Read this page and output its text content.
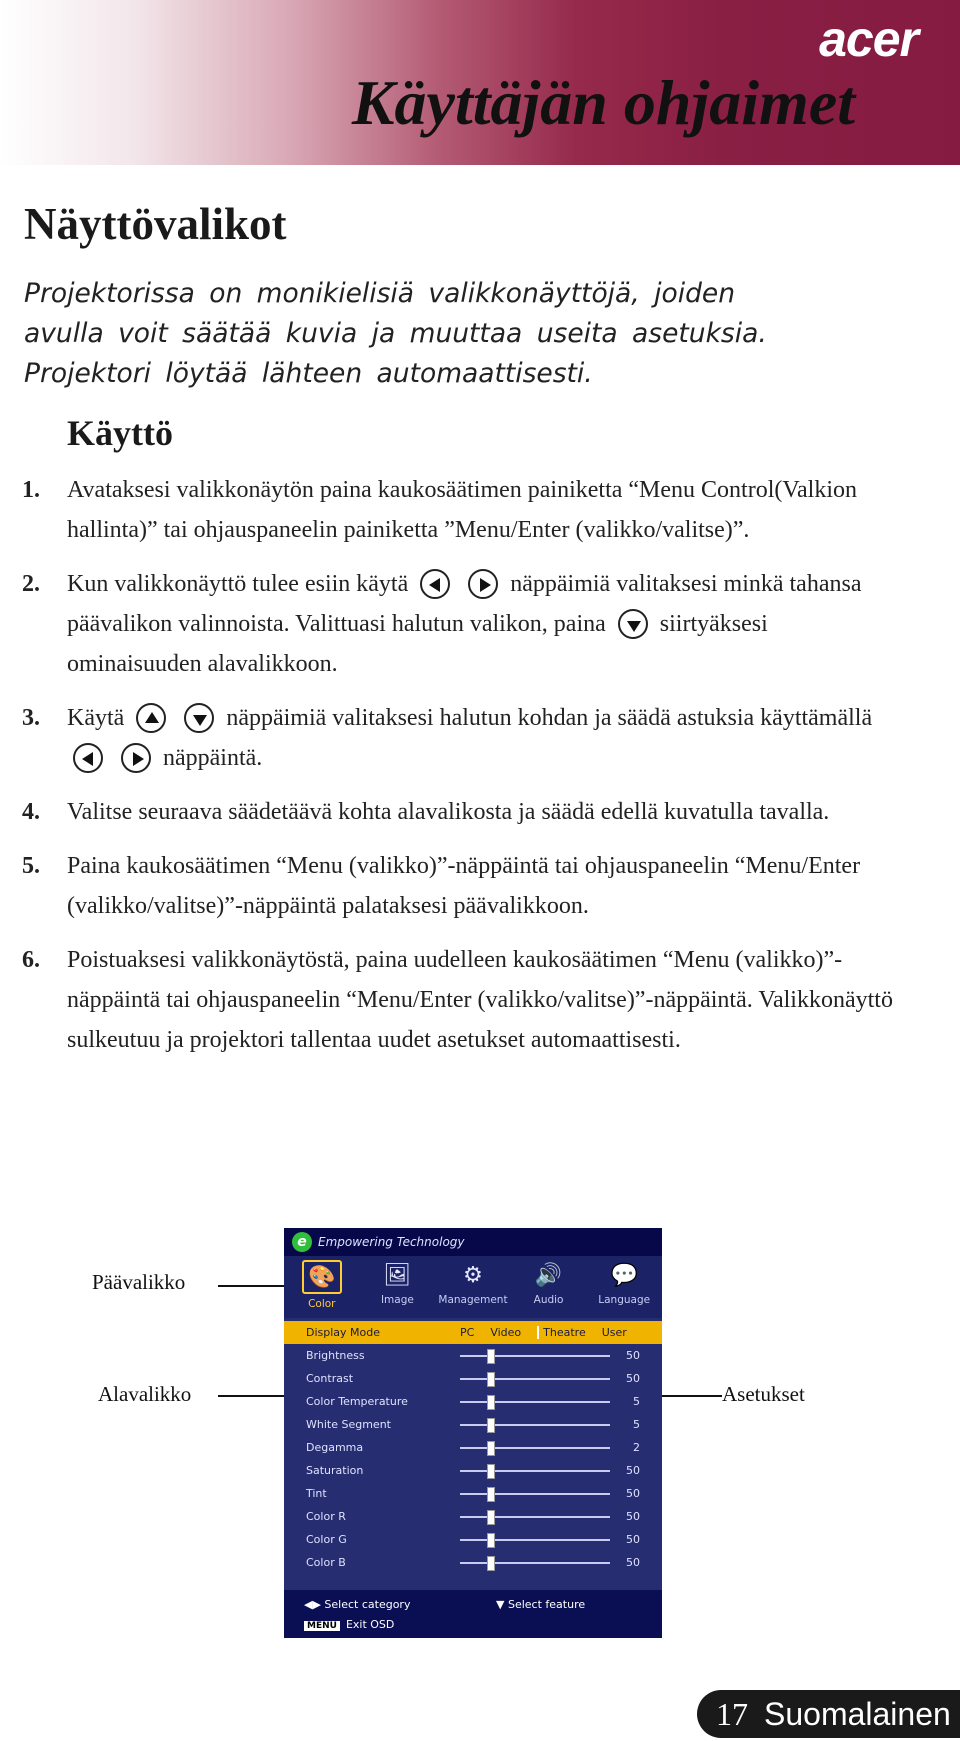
acer
Käyttäjän ohjaimet
Näyttövalikot
Projektorissa on monikielisiä valikkonäyttöjä, joiden
avulla voit säätää kuvia ja muuttaa useita asetuksia.
Projektori löytää lähteen automaattisesti.
Käyttö
1. Avataksesi valikkonäytön paina kaukosäätimen painiketta “Menu Control(Valkion hallinta)” tai ohjauspaneelin painiketta ”Menu/Enter (valikko/valitse)”.
2. Kun valikkonäyttö tulee esiin käytä
	näppäimiä valitaksesi minkä tahansa päävalikon valinnoista. Valittuasi halutun valikon, paina siirtyäksesi ominaisuuden alavalikkoon.
3. Käytä
	näppäimiä valitaksesi halutun kohdan ja säädä astuksia käyttämällä

näppäintä.
4. Valitse seuraava säädetäävä kohta alavalikosta ja säädä edellä kuvatulla tavalla.
5. Paina kaukosäätimen “Menu (valikko)”-näppäintä tai ohjauspaneelin “Menu/Enter (valikko/valitse)”-näppäintä palataksesi päävalikkoon.
6. Poistuaksesi valikkonäytöstä, paina uudelleen kaukosäätimen “Menu (valikko)”-näppäintä tai ohjauspaneelin “Menu/Enter (valikko/valitse)”-näppäintä. Valikkonäyttö sulkeutuu ja projektori tallentaa uudet asetukset automaattisesti.
Päävalikko
Alavalikko	Asetukset
e Empowering Technology
🎨
Color
🖼
Image
⚙
Management
🔊
Audio
💬
Language
Display Mode	PC Video	Theatre User
Brightness	50
Contrast	50
Color Temperature	5
White Segment	5
Degamma	2
Saturation	50
Tint	50
Color R	50
Color G	50
Color B	50
◀▶ Select category	▼ Select feature
MENU Exit OSD
17 Suomalainen
